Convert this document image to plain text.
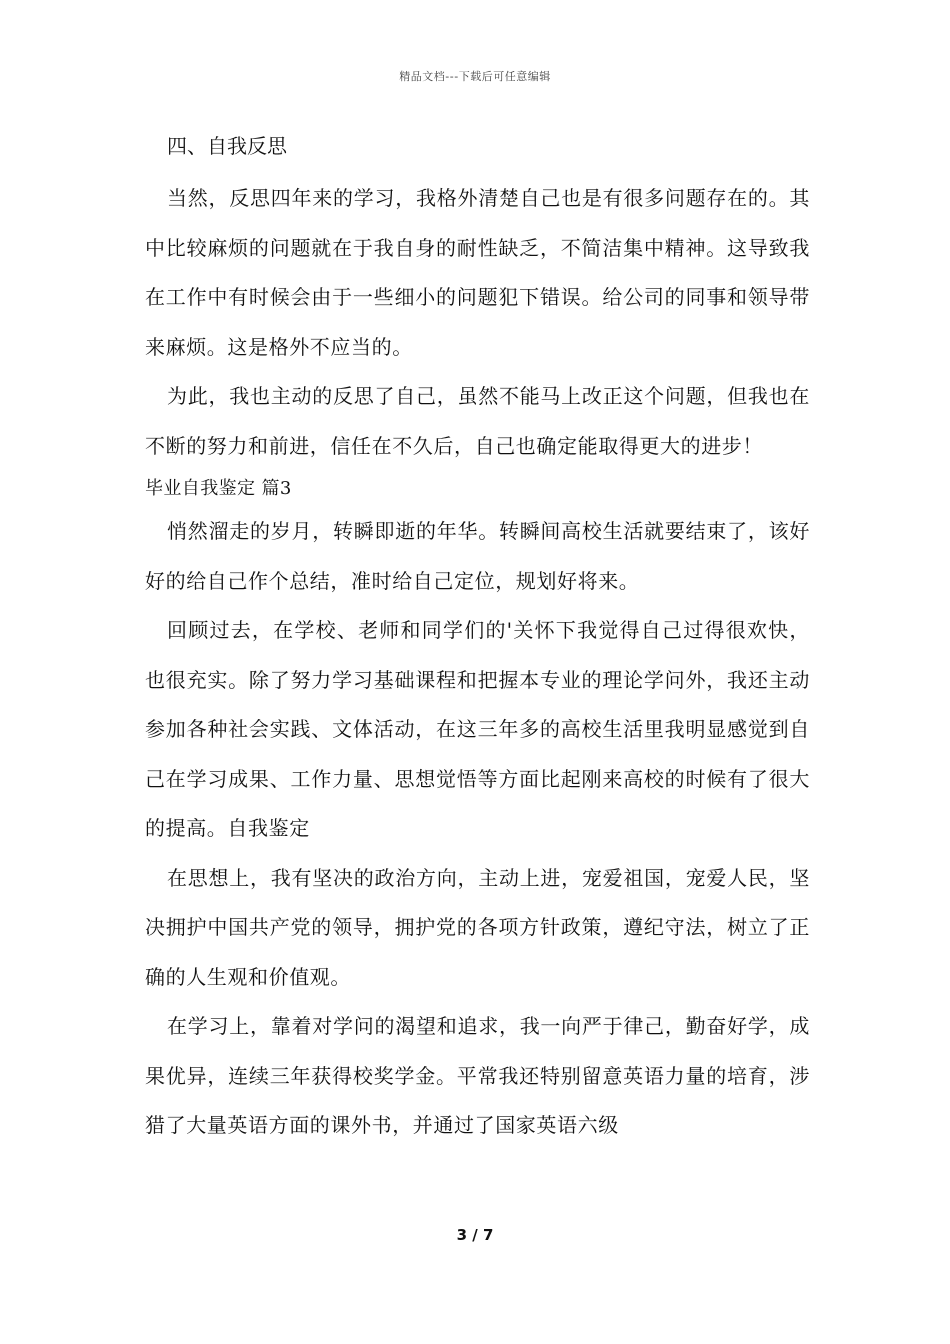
精品文档---下载后可任意编辑
四、自我反思

当然，反思四年来的学习，我格外清楚自己也是有很多问题存在的。其中比较麻烦的问题就在于我自身的耐性缺乏，不简洁集中精神。这导致我在工作中有时候会由于一些细小的问题犯下错误。给公司的同事和领导带来麻烦。这是格外不应当的。

为此，我也主动的反思了自己，虽然不能马上改正这个问题，但我也在不断的努力和前进，信任在不久后，自己也确定能取得更大的进步！

毕业自我鉴定 篇3

悄然溜走的岁月，转瞬即逝的年华。转瞬间高校生活就要结束了，该好好的给自己作个总结，准时给自己定位，规划好将来。

回顾过去，在学校、老师和同学们的'关怀下我觉得自己过得很欢快，也很充实。除了努力学习基础课程和把握本专业的理论学问外，我还主动参加各种社会实践、文体活动，在这三年多的高校生活里我明显感觉到自己在学习成果、工作力量、思想觉悟等方面比起刚来高校的时候有了很大的提高。自我鉴定

在思想上，我有坚决的政治方向，主动上进，宠爱祖国，宠爱人民，坚决拥护中国共产党的领导，拥护党的各项方针政策，遵纪守法，树立了正确的人生观和价值观。

在学习上，靠着对学问的渴望和追求，我一向严于律己，勤奋好学，成果优异，连续三年获得校奖学金。平常我还特别留意英语力量的培育，涉猎了大量英语方面的课外书，并通过了国家英语六级

3 / 7
